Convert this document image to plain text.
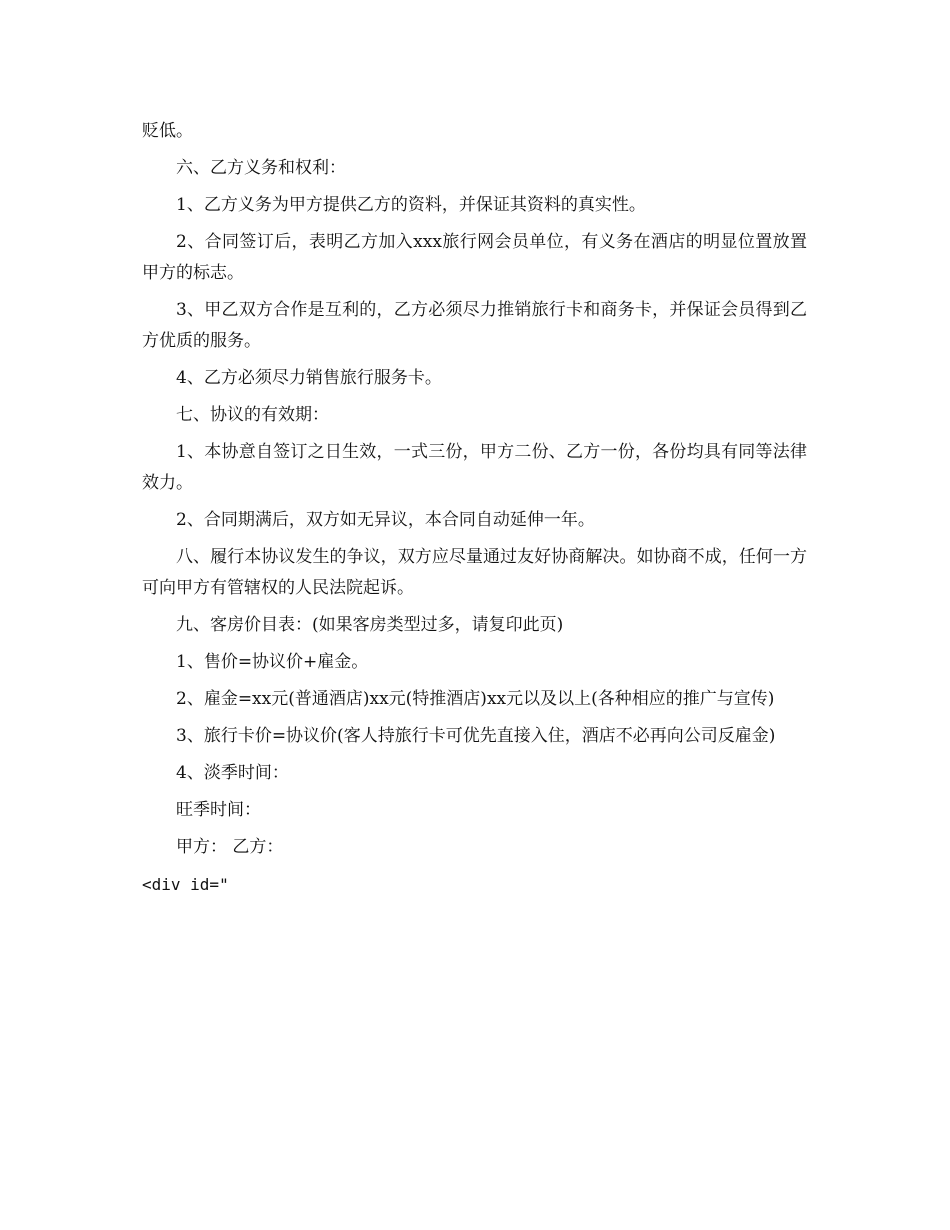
贬低。

六、乙方义务和权利：

1、乙方义务为甲方提供乙方的资料，并保证其资料的真实性。

2、合同签订后，表明乙方加入xxx旅行网会员单位，有义务在酒店的明显位置放置甲方的标志。

3、甲乙双方合作是互利的，乙方必须尽力推销旅行卡和商务卡，并保证会员得到乙方优质的服务。

4、乙方必须尽力销售旅行服务卡。

七、协议的有效期：

1、本协意自签订之日生效，一式三份，甲方二份、乙方一份，各份均具有同等法律效力。

2、合同期满后，双方如无异议，本合同自动延伸一年。

八、履行本协议发生的争议，双方应尽量通过友好协商解决。如协商不成，任何一方可向甲方有管辖权的人民法院起诉。

九、客房价目表：(如果客房类型过多，请复印此页)

1、售价=协议价+雇金。

2、雇金=xx元(普通酒店)xx元(特推酒店)xx元以及以上(各种相应的推广与宣传)

3、旅行卡价=协议价(客人持旅行卡可优先直接入住，酒店不必再向公司反雇金)

4、淡季时间：

旺季时间：

甲方： 乙方：

<div id="
